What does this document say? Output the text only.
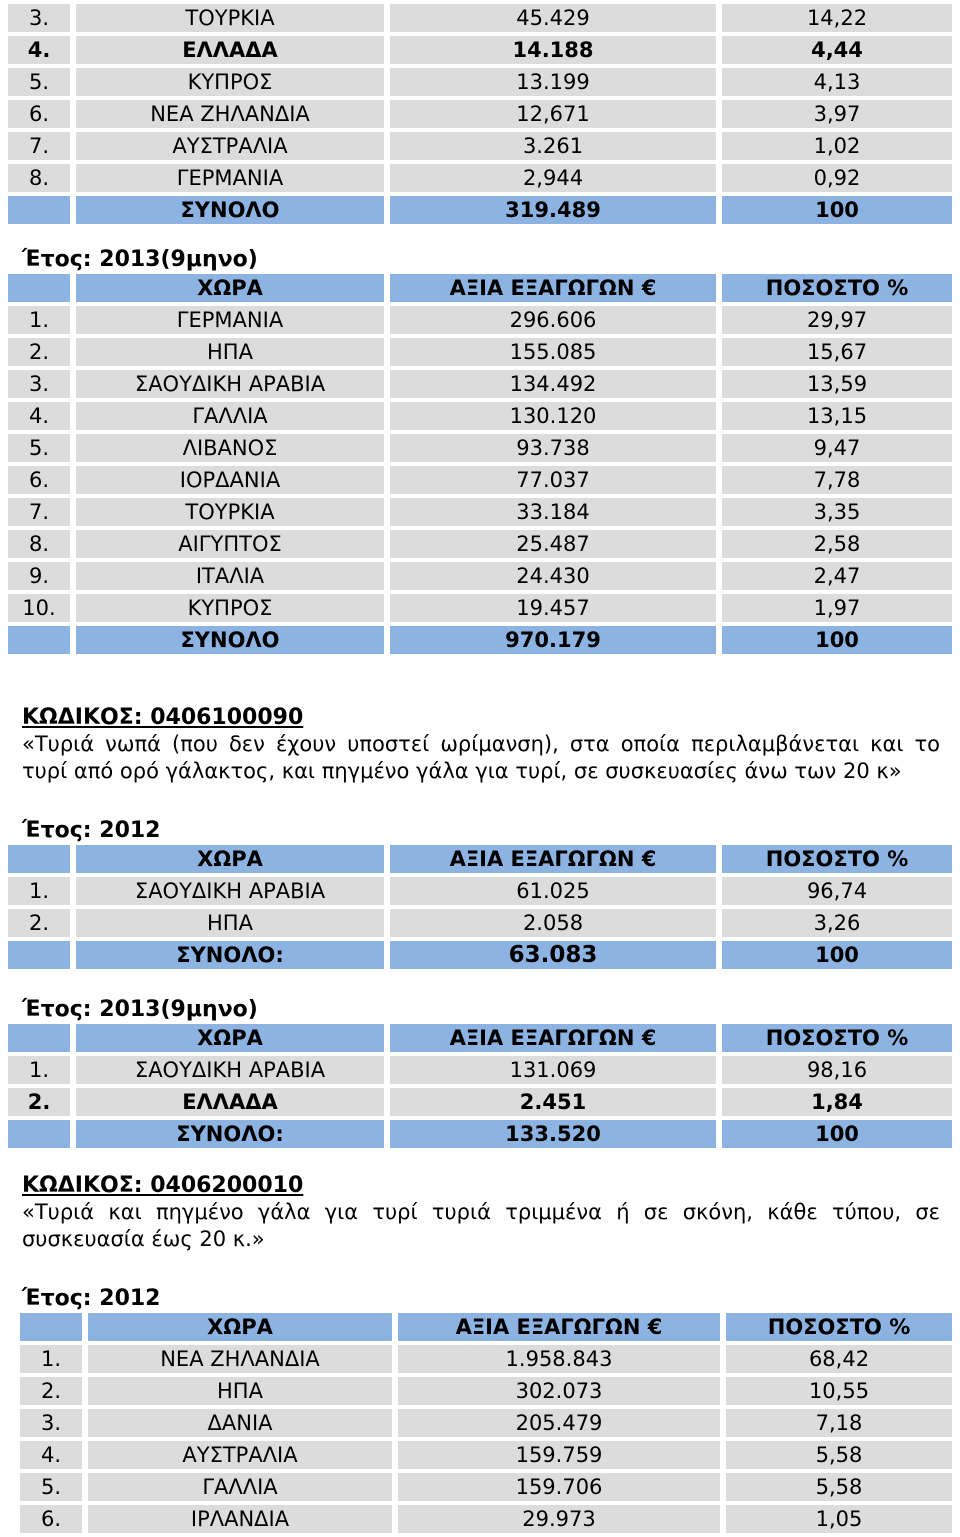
3.	ΤΟΥΡΚΙΑ	45.429	14,22
4.	ΕΛΛΑΔΑ	14.188	4,44
5.	ΚΥΠΡΟΣ	13.199	4,13
6.	ΝΕΑ ΖΗΛΑΝΔΙΑ	12,671	3,97
7.	ΑΥΣΤΡΑΛΙΑ	3.261	1,02
8.	ΓΕΡΜΑΝΙΑ	2,944	0,92
	ΣΥΝΟΛΟ	319.489	100
Έτος: 2013(9μηνο)
	ΧΩΡΑ	ΑΞΙΑ ΕΞΑΓΩΓΩΝ €	ΠΟΣΟΣΤΟ %
1.	ΓΕΡΜΑΝΙΑ	296.606	29,97
2.	ΗΠΑ	155.085	15,67
3.	ΣΑΟΥΔΙΚΗ ΑΡΑΒΙΑ	134.492	13,59
4.	ΓΑΛΛΙΑ	130.120	13,15
5.	ΛΙΒΑΝΟΣ	93.738	9,47
6.	ΙΟΡΔΑΝΙΑ	77.037	7,78
7.	ΤΟΥΡΚΙΑ	33.184	3,35
8.	ΑΙΓΥΠΤΟΣ	25.487	2,58
9.	ΙΤΑΛΙΑ	24.430	2,47
10.	ΚΥΠΡΟΣ	19.457	1,97
	ΣΥΝΟΛΟ	970.179	100
ΚΩΔΙΚΟΣ: 0406100090
«Τυριά νωπά (που δεν έχουν υποστεί ωρίμανση), στα οποία περιλαμβάνεται και το τυρί από ορό γάλακτος, και πηγμένο γάλα για τυρί, σε συσκευασίες άνω των 20 κ»
Έτος: 2012
	ΧΩΡΑ	ΑΞΙΑ ΕΞΑΓΩΓΩΝ €	ΠΟΣΟΣΤΟ %
1.	ΣΑΟΥΔΙΚΗ ΑΡΑΒΙΑ	61.025	96,74
2.	ΗΠΑ	2.058	3,26
	ΣΥΝΟΛΟ:	63.083	100
Έτος: 2013(9μηνο)
	ΧΩΡΑ	ΑΞΙΑ ΕΞΑΓΩΓΩΝ €	ΠΟΣΟΣΤΟ %
1.	ΣΑΟΥΔΙΚΗ ΑΡΑΒΙΑ	131.069	98,16
2.	ΕΛΛΑΔΑ	2.451	1,84
	ΣΥΝΟΛΟ:	133.520	100
ΚΩΔΙΚΟΣ: 0406200010
«Τυριά και πηγμένο γάλα για τυρί τυριά τριμμένα ή σε σκόνη, κάθε τύπου, σε συσκευασία έως 20 κ.»
Έτος: 2012
	ΧΩΡΑ	ΑΞΙΑ ΕΞΑΓΩΓΩΝ €	ΠΟΣΟΣΤΟ %
1.	ΝΕΑ ΖΗΛΑΝΔΙΑ	1.958.843	68,42
2.	ΗΠΑ	302.073	10,55
3.	ΔΑΝΙΑ	205.479	7,18
4.	ΑΥΣΤΡΑΛΙΑ	159.759	5,58
5.	ΓΑΛΛΙΑ	159.706	5,58
6.	ΙΡΛΑΝΔΙΑ	29.973	1,05
